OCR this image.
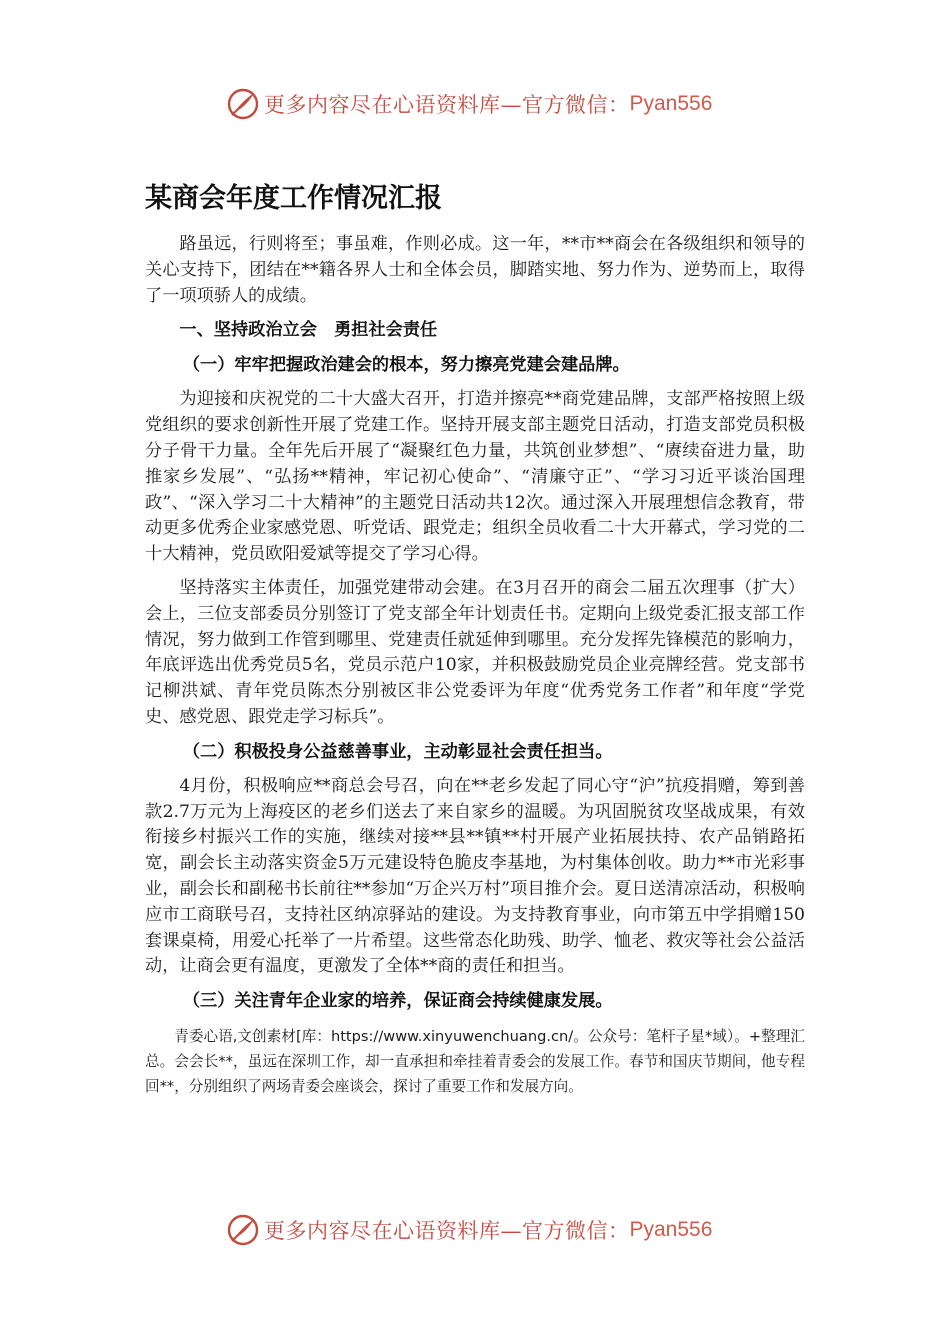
更多内容尽在心语资料库—官方微信： Pyan556
某商会年度工作情况汇报

路虽远，行则将至；事虽难，作则必成。这一年，**市**商会在各级组织和领导的关心支持下，团结在**籍各界人士和全体会员，脚踏实地、努力作为、逆势而上，取得了一项项骄人的成绩。

一、坚持政治立会　勇担社会责任

（一）牢牢把握政治建会的根本，努力擦亮党建会建品牌。

为迎接和庆祝党的二十大盛大召开，打造并擦亮**商党建品牌，支部严格按照上级党组织的要求创新性开展了党建工作。坚持开展支部主题党日活动，打造支部党员积极分子骨干力量。全年先后开展了“凝聚红色力量，共筑创业梦想”、“赓续奋进力量，助推家乡发展”、“弘扬**精神，牢记初心使命”、“清廉守正”、“学习习近平谈治国理政”、“深入学习二十大精神”的主题党日活动共12次。通过深入开展理想信念教育，带动更多优秀企业家感党恩、听党话、跟党走；组织全员收看二十大开幕式，学习党的二十大精神，党员欧阳爱斌等提交了学习心得。

坚持落实主体责任，加强党建带动会建。在3月召开的商会二届五次理事（扩大）会上，三位支部委员分别签订了党支部全年计划责任书。定期向上级党委汇报支部工作情况，努力做到工作管到哪里、党建责任就延伸到哪里。充分发挥先锋模范的影响力，年底评选出优秀党员5名，党员示范户10家，并积极鼓励党员企业亮牌经营。党支部书记柳洪斌、青年党员陈杰分别被区非公党委评为年度“优秀党务工作者”和年度“学党史、感党恩、跟党走学习标兵”。

（二）积极投身公益慈善事业，主动彰显社会责任担当。

4月份，积极响应**商总会号召，向在**老乡发起了同心守“沪”抗疫捐赠，筹到善款2.7万元为上海疫区的老乡们送去了来自家乡的温暖。为巩固脱贫攻坚战成果，有效衔接乡村振兴工作的实施，继续对接**县**镇**村开展产业拓展扶持、农产品销路拓宽，副会长主动落实资金5万元建设特色脆皮李基地，为村集体创收。助力**市光彩事业，副会长和副秘书长前往**参加“万企兴万村”项目推介会。夏日送清凉活动，积极响应市工商联号召，支持社区纳凉驿站的建设。为支持教育事业，向市第五中学捐赠150套课桌椅，用爱心托举了一片希望。这些常态化助残、助学、恤老、救灾等社会公益活动，让商会更有温度，更激发了全体**商的责任和担当。

（三）关注青年企业家的培养，保证商会持续健康发展。

青委心语,文创素材[库：https://www.xinyuwenchuang.cn/。公众号：笔杆子星*域）。+整理汇总。会会长**，虽远在深圳工作，却一直承担和牵挂着青委会的发展工作。春节和国庆节期间，他专程回**，分别组织了两场青委会座谈会，探讨了重要工作和发展方向。

更多内容尽在心语资料库—官方微信： Pyan556
